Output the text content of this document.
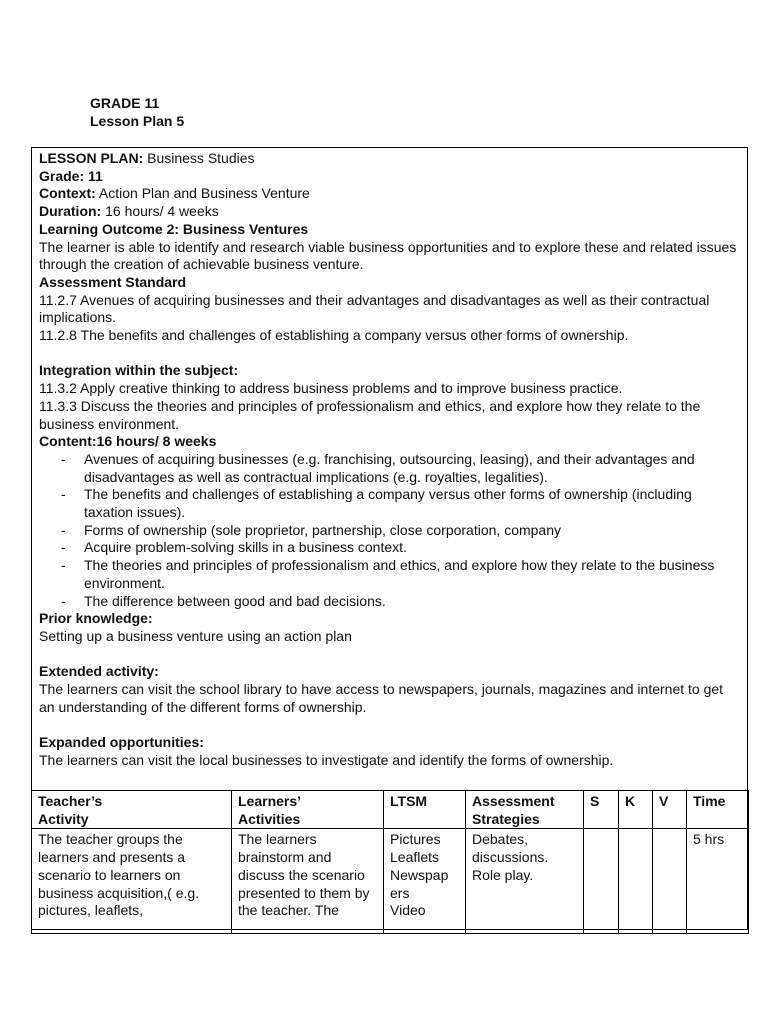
GRADE 11
Lesson Plan 5

LESSON PLAN: Business Studies

Grade: 11

Context: Action Plan and Business Venture

Duration: 16 hours/ 4 weeks

Learning Outcome 2: Business Ventures

The learner is able to identify and research viable business opportunities and to explore these and related issues through the creation of achievable business venture.

Assessment Standard

11.2.7 Avenues of acquiring businesses and their advantages and disadvantages as well as their contractual implications.

11.2.8 The benefits and challenges of establishing a company versus other forms of ownership.

Integration within the subject:

11.3.2 Apply creative thinking to address business problems and to improve business practice.

11.3.3 Discuss the theories and principles of professionalism and ethics, and explore how they relate to the business environment.

Content:16 hours/ 8 weeks

- Avenues of acquiring businesses (e.g. franchising, outsourcing, leasing), and their advantages and disadvantages as well as contractual implications (e.g. royalties, legalities).
- The benefits and challenges of establishing a company versus other forms of ownership (including taxation issues).
- Forms of ownership (sole proprietor, partnership, close corporation, company
- Acquire problem-solving skills in a business context.
- The theories and principles of professionalism and ethics, and explore how they relate to the business environment.
- The difference between good and bad decisions.

Prior knowledge:

Setting up a business venture using an action plan

Extended activity:

The learners can visit the school library to have access to newspapers, journals, magazines and internet to get an understanding of the different forms of ownership.

Expanded opportunities:

The learners can visit the local businesses to investigate and identify the forms of ownership.

Teacher’s
Activity	Learners’
Activities	LTSM	Assessment
Strategies	S	K	V	Time
The teacher groups the learners and presents a scenario to learners on business acquisition,( e.g. pictures, leaflets,	The learners brainstorm and discuss the scenario presented to them by the teacher. The	Pictures
Leaflets
Newspap
ers
Video	Debates,
discussions.
Role play.				5 hrs
